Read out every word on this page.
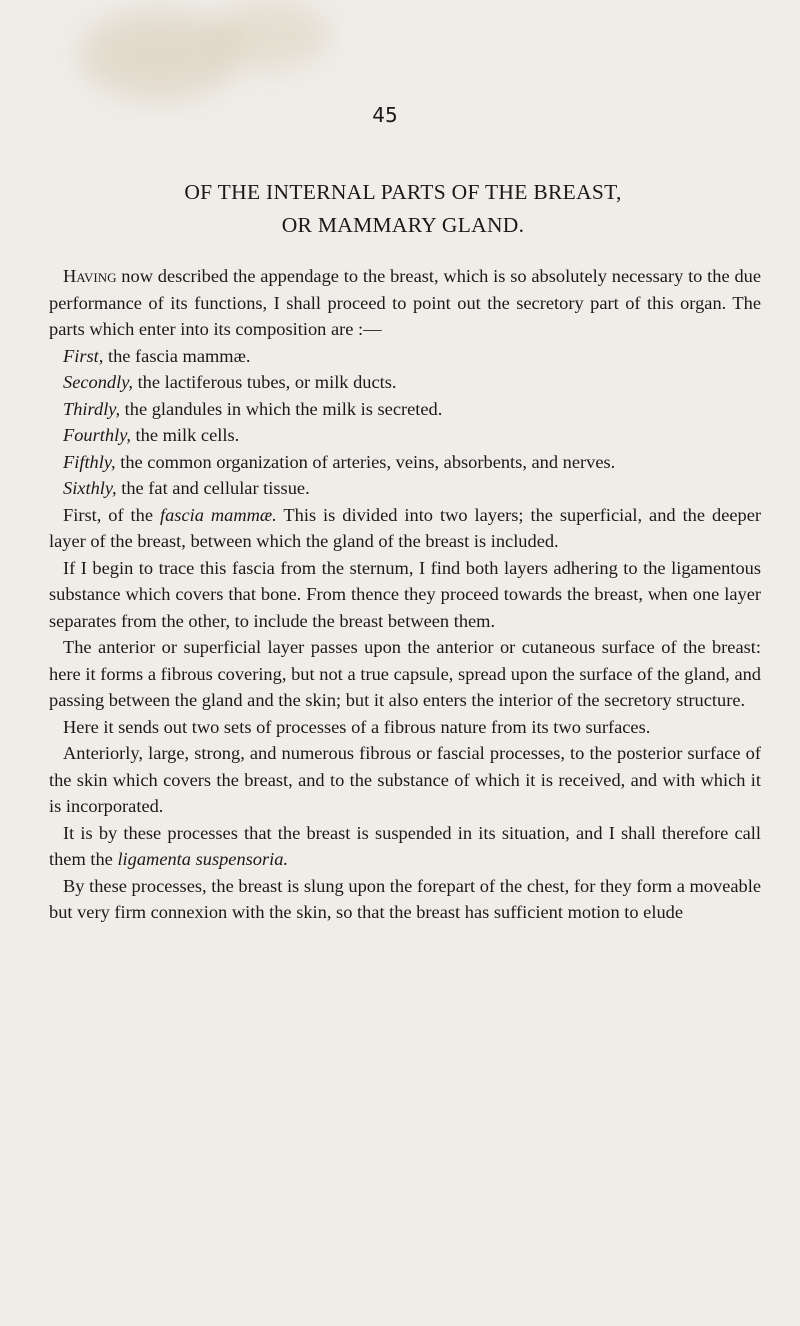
45
OF THE INTERNAL PARTS OF THE BREAST,
OR MAMMARY GLAND.

Having now described the appendage to the breast, which is so absolutely necessary to the due performance of its functions, I shall proceed to point out the secretory part of this organ. The parts which enter into its composition are :—

First, the fascia mammæ.

Secondly, the lactiferous tubes, or milk ducts.

Thirdly, the glandules in which the milk is secreted.

Fourthly, the milk cells.

Fifthly, the common organization of arteries, veins, absorbents, and nerves.

Sixthly, the fat and cellular tissue.

First, of the fascia mammæ. This is divided into two layers; the superficial, and the deeper layer of the breast, between which the gland of the breast is included.

If I begin to trace this fascia from the sternum, I find both layers adhering to the ligamentous substance which covers that bone. From thence they proceed towards the breast, when one layer separates from the other, to include the breast between them.

The anterior or superficial layer passes upon the anterior or cutaneous surface of the breast: here it forms a fibrous covering, but not a true capsule, spread upon the surface of the gland, and passing between the gland and the skin; but it also enters the interior of the secretory structure.

Here it sends out two sets of processes of a fibrous nature from its two surfaces.

Anteriorly, large, strong, and numerous fibrous or fascial processes, to the posterior surface of the skin which covers the breast, and to the substance of which it is received, and with which it is incorporated.

It is by these processes that the breast is suspended in its situation, and I shall therefore call them the ligamenta suspensoria.

By these processes, the breast is slung upon the forepart of the chest, for they form a moveable but very firm connexion with the skin, so that the breast has sufficient motion to elude
